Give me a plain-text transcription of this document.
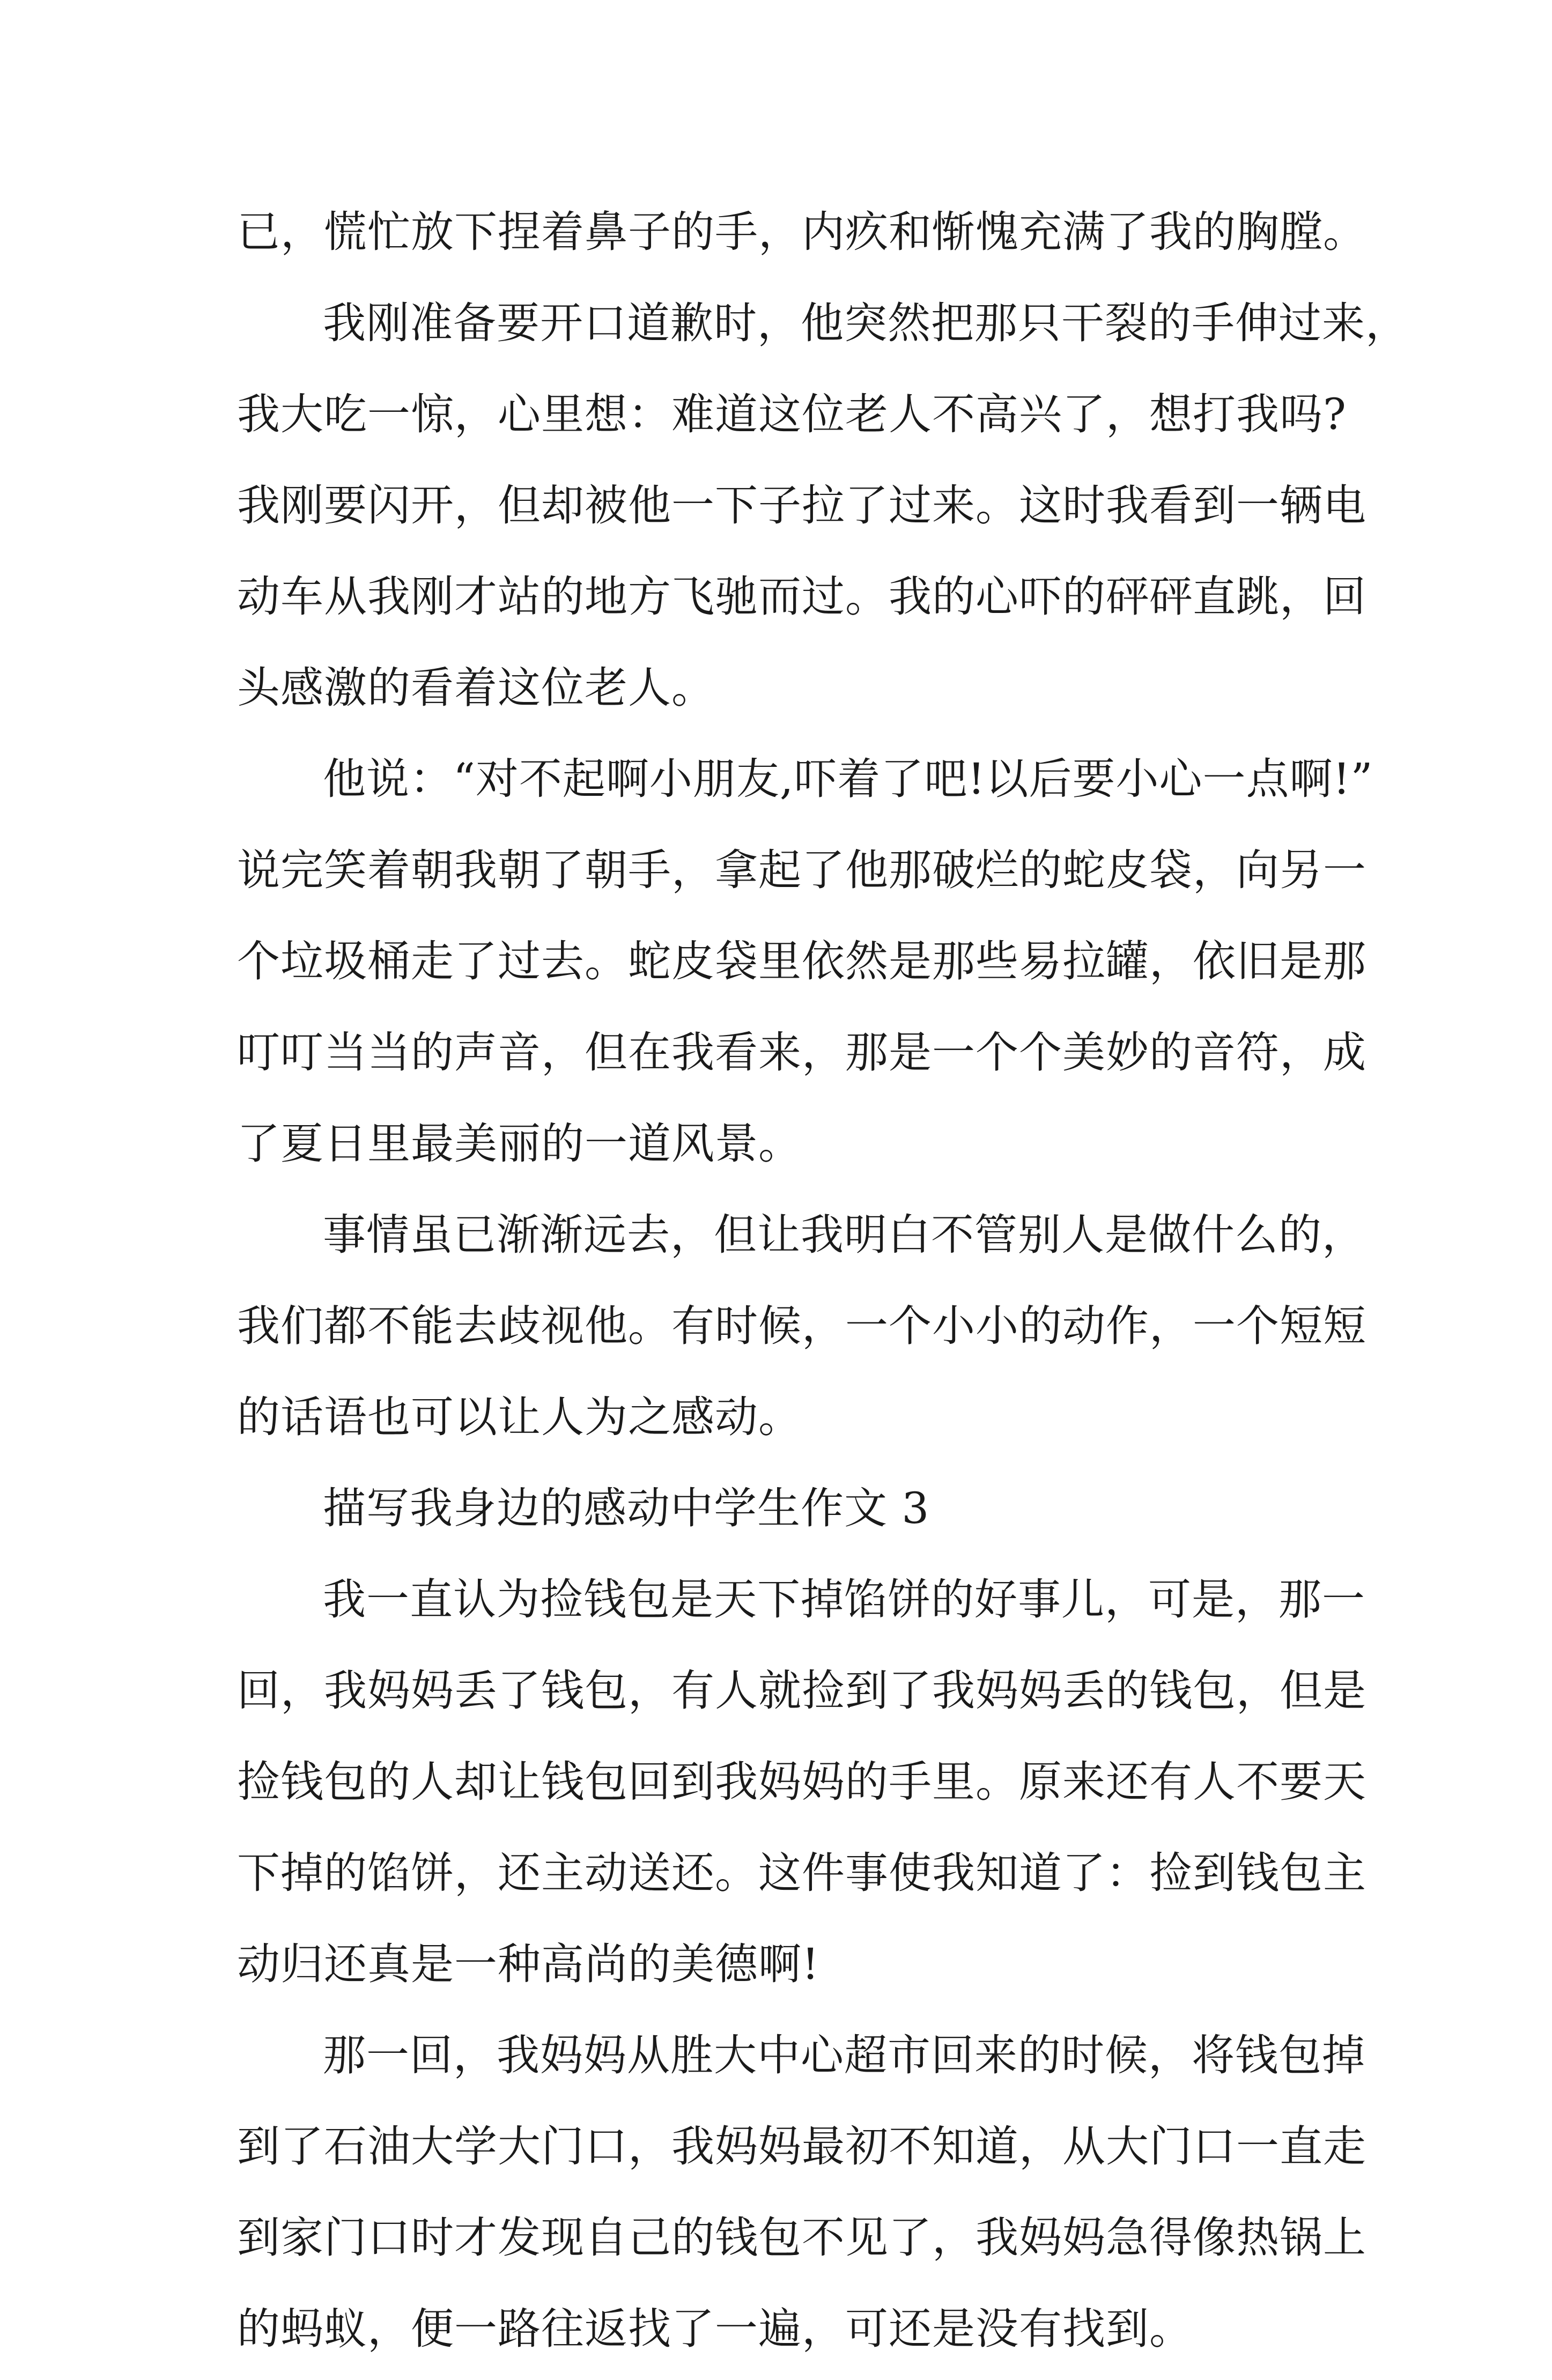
已，慌忙放下捏着鼻子的手，内疚和惭愧充满了我的胸膛。
我刚准备要开口道歉时，他突然把那只干裂的手伸过来，
我大吃一惊，心里想：难道这位老人不高兴了，想打我吗?
我刚要闪开，但却被他一下子拉了过来。这时我看到一辆电
动车从我刚才站的地方飞驰而过。我的心吓的砰砰直跳，回
头感激的看着这位老人。
他说：“对不起啊小朋友,吓着了吧!以后要小心一点啊!”
说完笑着朝我朝了朝手，拿起了他那破烂的蛇皮袋，向另一
个垃圾桶走了过去。蛇皮袋里依然是那些易拉罐，依旧是那
叮叮当当的声音，但在我看来，那是一个个美妙的音符，成
了夏日里最美丽的一道风景。
事情虽已渐渐远去，但让我明白不管别人是做什么的，
我们都不能去歧视他。有时候，一个小小的动作，一个短短
的话语也可以让人为之感动。
描写我身边的感动中学生作文 3
我一直认为捡钱包是天下掉馅饼的好事儿，可是，那一
回，我妈妈丢了钱包，有人就捡到了我妈妈丢的钱包，但是
捡钱包的人却让钱包回到我妈妈的手里。原来还有人不要天
下掉的馅饼，还主动送还。这件事使我知道了：捡到钱包主
动归还真是一种高尚的美德啊!
那一回，我妈妈从胜大中心超市回来的时候，将钱包掉
到了石油大学大门口，我妈妈最初不知道，从大门口一直走
到家门口时才发现自己的钱包不见了，我妈妈急得像热锅上
的蚂蚁，便一路往返找了一遍，可还是没有找到。
